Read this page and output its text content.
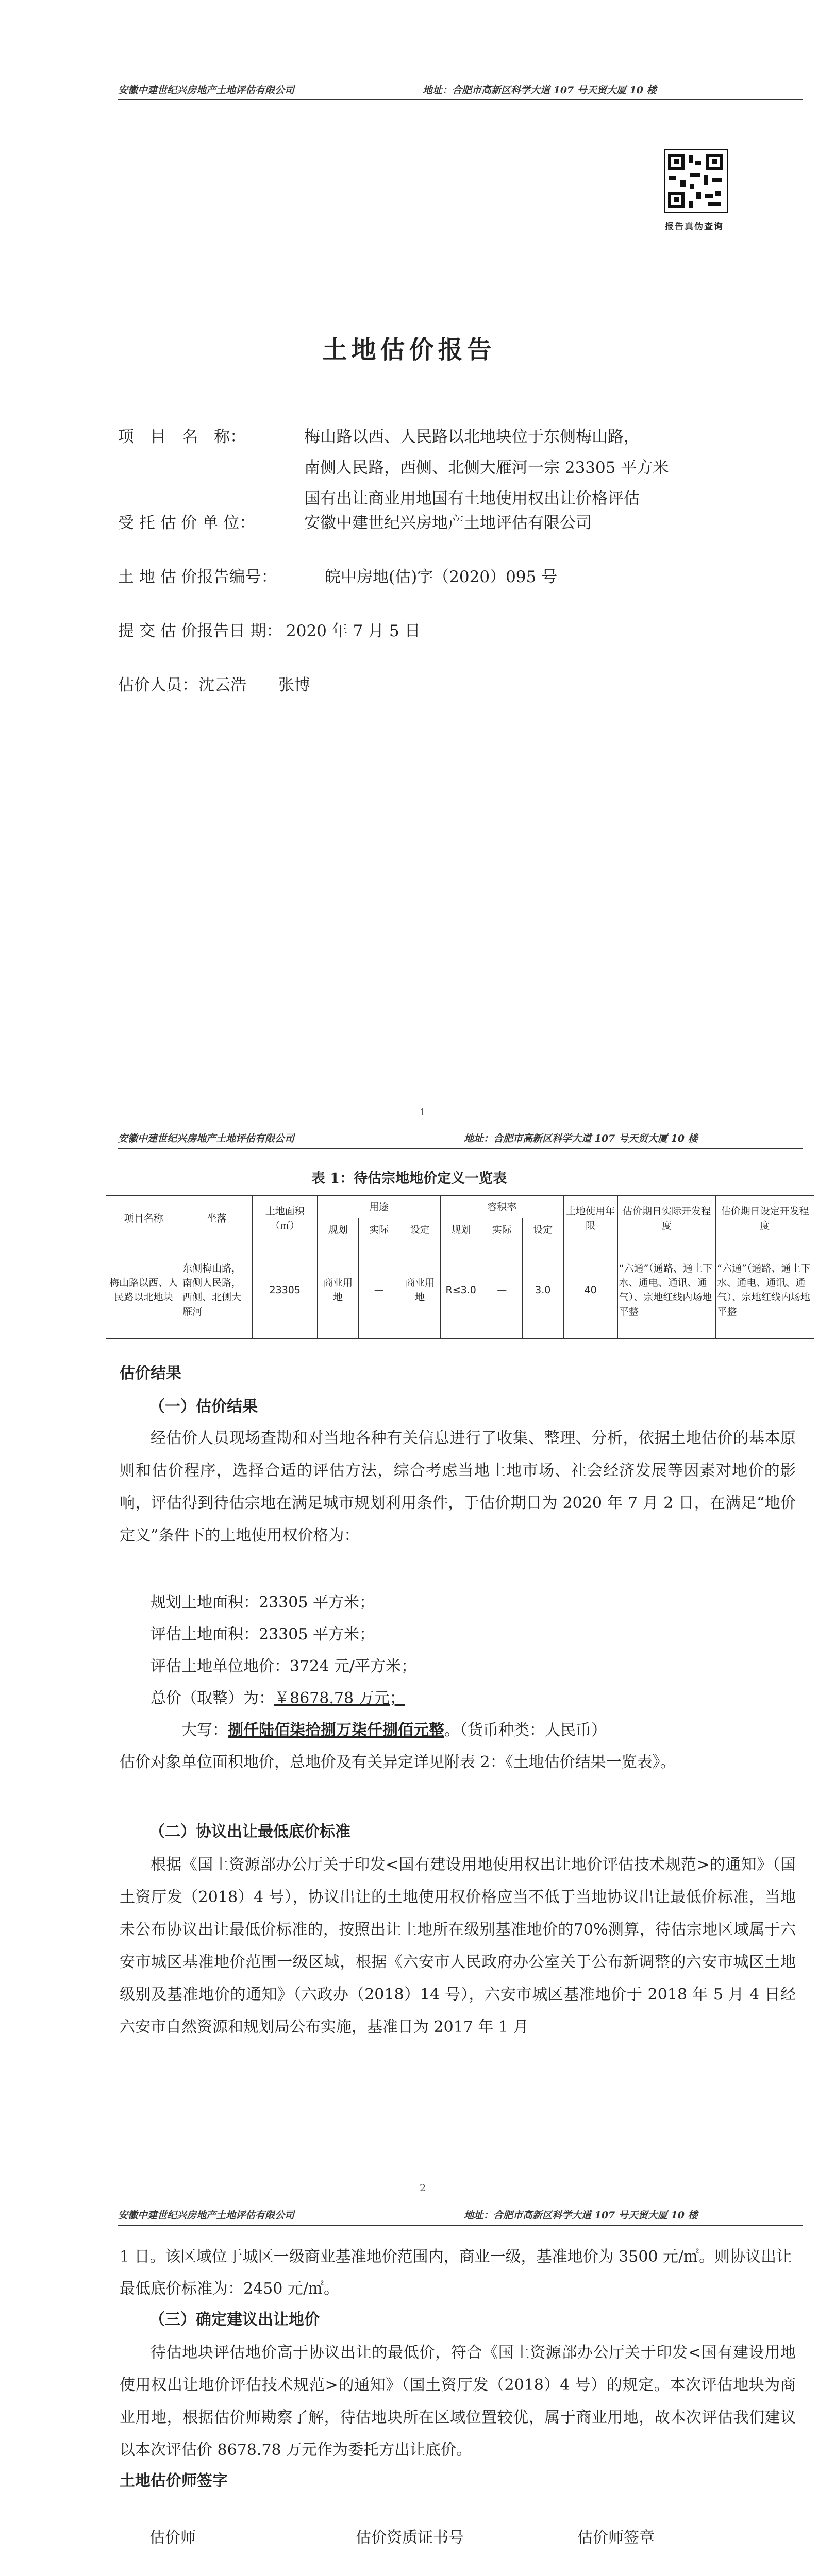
安徽中建世纪兴房地产土地评估有限公司	地址：合肥市高新区科学大道 107 号天贸大厦 10 楼
报告真伪查询
土地估价报告
项　目　名　称：	梅山路以西、人民路以北地块位于东侧梅山路，
南侧人民路，西侧、北侧大雁河一宗 23305 平方米
国有出让商业用地国有土地使用权出让价格评估
受 托 估 价 单 位：	安徽中建世纪兴房地产土地评估有限公司
土 地 估 价报告编号：	皖中房地(估)字（2020）095 号
提 交 估 价报告日 期： 2020 年 7 月 5 日
估价人员： 沈云浩　　张博
1
安徽中建世纪兴房地产土地评估有限公司	地址：合肥市高新区科学大道 107 号天贸大厦 10 楼
表 1：待估宗地地价定义一览表
项目名称	坐落	土地面积（㎡）	用途			容积率			土地使用年限	估价期日实际开发程度	估价期日设定开发程度
			规划	实际	设定	规划	实际	设定			
梅山路以西、人民路以北地块	东侧梅山路，南侧人民路，西侧、北侧大雁河	23305	商业用地	—	商业用地	R≤3.0	—	3.0	40	“六通”（通路、通上下水、通电、通讯、通气）、宗地红线内场地平整	“六通”（通路、通上下水、通电、通讯、通气）、宗地红线内场地平整
估价结果
（一）估价结果
经估价人员现场查勘和对当地各种有关信息进行了收集、整理、分析，依据土地估价的基本原则和估价程序，选择合适的评估方法，综合考虑当地土地市场、社会经济发展等因素对地价的影响，评估得到待估宗地在满足城市规划利用条件，于估价期日为 2020 年 7 月 2 日，在满足“地价定义”条件下的土地使用权价格为：
规划土地面积：23305 平方米；
评估土地面积：23305 平方米；
评估土地单位地价：3724 元/平方米；
总价（取整）为：￥8678.78 万元；
大写：捌仟陆佰柒拾捌万柒仟捌佰元整。（货币种类：人民币）
估价对象单位面积地价，总地价及有关异定详见附表 2：《土地估价结果一览表》。
（二）协议出让最低底价标准
根据《国土资源部办公厅关于印发<国有建设用地使用权出让地价评估技术规范>的通知》（国土资厅发（2018）4 号），协议出让的土地使用权价格应当不低于当地协议出让最低价标准，当地未公布协议出让最低价标准的，按照出让土地所在级别基准地价的70%测算，待估宗地区域属于六安市城区基准地价范围一级区域，根据《六安市人民政府办公室关于公布新调整的六安市城区土地级别及基准地价的通知》（六政办（2018）14 号），六安市城区基准地价于 2018 年 5 月 4 日经六安市自然资源和规划局公布实施，基准日为 2017 年 1 月
2
安徽中建世纪兴房地产土地评估有限公司	地址：合肥市高新区科学大道 107 号天贸大厦 10 楼
1 日。该区域位于城区一级商业基准地价范围内，商业一级，基准地价为 3500 元/㎡。则协议出让最低底价标准为：2450 元/㎡。
（三）确定建议出让地价
待估地块评估地价高于协议出让的最低价，符合《国土资源部办公厅关于印发<国有建设用地使用权出让地价评估技术规范>的通知》（国土资厅发（2018）4 号）的规定。本次评估地块为商业用地，根据估价师勘察了解，待估地块所在区域位置较优，属于商业用地，故本次评估我们建议以本次评估价 8678.78 万元作为委托方出让底价。
土地估价师签字
估价师	估价资质证书号	估价师签章
